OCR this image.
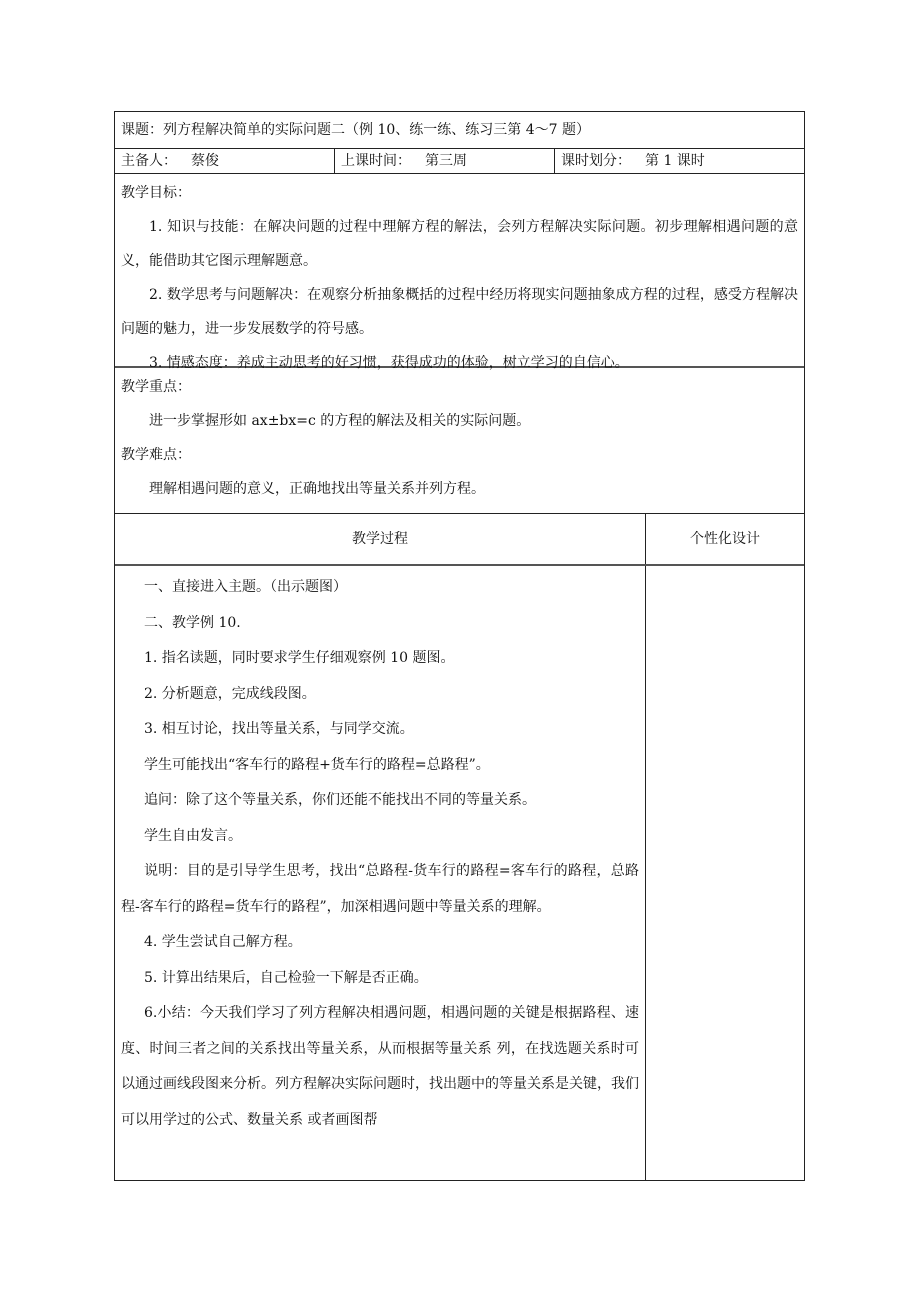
课题：列方程解决简单的实际问题二（例 10、练一练、练习三第 4～7 题）
主备人： 蔡俊	上课时间： 第三周	课时划分： 第 1 课时
教学目标：
1. 知识与技能：在解决问题的过程中理解方程的解法，会列方程解决实际问题。初步理解相遇问题的意义，能借助其它图示理解题意。
2. 数学思考与问题解决：在观察分析抽象概括的过程中经历将现实问题抽象成方程的过程，感受方程解决问题的魅力，进一步发展数学的符号感。
3. 情感态度：养成主动思考的好习惯，获得成功的体验，树立学习的自信心。
教学重点：
进一步掌握形如 ax±bx=c 的方程的解法及相关的实际问题。
教学难点：
理解相遇问题的意义，正确地找出等量关系并列方程。
教学过程	个性化设计
一、直接进入主题。（出示题图）
二、教学例 10.
1. 指名读题，同时要求学生仔细观察例 10 题图。
2. 分析题意，完成线段图。
3. 相互讨论，找出等量关系，与同学交流。
学生可能找出“客车行的路程+货车行的路程=总路程”。
追问：除了这个等量关系，你们还能不能找出不同的等量关系。
学生自由发言。
说明：目的是引导学生思考，找出“总路程-货车行的路程=客车行的路程，总路程-客车行的路程=货车行的路程”，加深相遇问题中等量关系的理解。
4. 学生尝试自己解方程。
5. 计算出结果后，自己检验一下解是否正确。
6.小结：今天我们学习了列方程解决相遇问题，相遇问题的关键是根据路程、速度、时间三者之间的关系找出等量关系，从而根据等量关系 列，在找选题关系时可以通过画线段图来分析。列方程解决实际问题时，找出题中的等量关系是关键，我们可以用学过的公式、数量关系 或者画图帮
